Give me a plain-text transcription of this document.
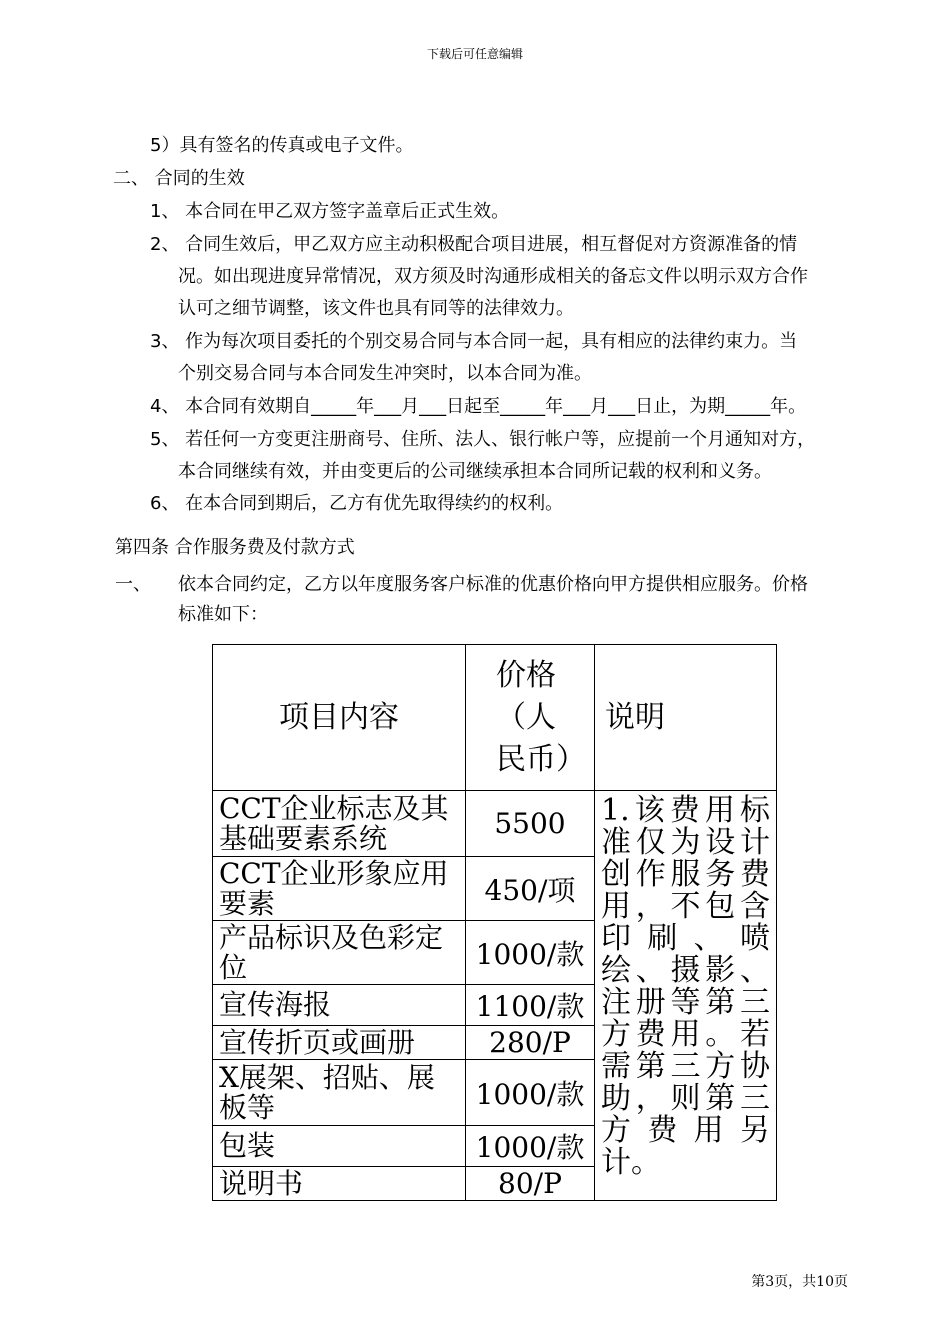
下载后可任意编辑
5）具有签名的传真或电子文件。
二、 合同的生效
1、 本合同在甲乙双方签字盖章后正式生效。
2、 合同生效后，甲乙双方应主动积极配合项目进展，相互督促对方资源准备的情
况。如出现进度异常情况，双方须及时沟通形成相关的备忘文件以明示双方合作
认可之细节调整，该文件也具有同等的法律效力。
3、 作为每次项目委托的个别交易合同与本合同一起，具有相应的法律约束力。当
个别交易合同与本合同发生冲突时，以本合同为准。
4、 本合同有效期自_____年___月___日起至_____年___月___日止，为期_____年。
5、 若任何一方变更注册商号、住所、法人、银行帐户等，应提前一个月通知对方，
本合同继续有效，并由变更后的公司继续承担本合同所记载的权利和义务。
6、 在本合同到期后，乙方有优先取得续约的权利。
第四条 合作服务费及付款方式
一、 依本合同约定，乙方以年度服务客户标准的优惠价格向甲方提供相应服务。价格
标准如下：
项目内容	价格（人民币）	说明
CCT企业标志及其基础要素系统	5500	1.该费用标准仅为设计创作服务费用，不包含印刷、喷绘、摄影、注册等第三方费用。若需第三方协助，则第三方费用另计。
CCT企业形象应用要素	450/项	
产品标识及色彩定位	1000/款	
宣传海报	1100/款	
宣传折页或画册	280/P	
X展架、招贴、展板等	1000/款	
包装	1000/款	
说明书	80/P	
第3页，共10页
